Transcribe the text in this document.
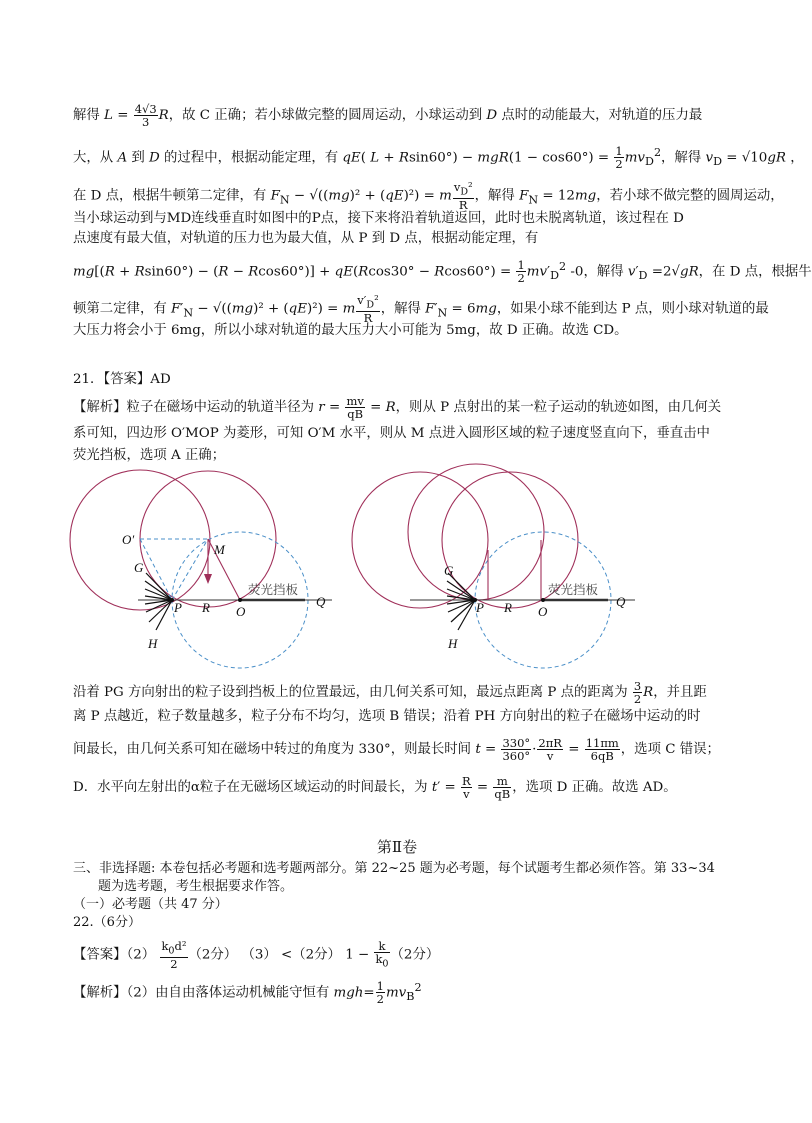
解得 $L = \frac{4√3}{3}$ R，故 C 正确；若小球做完整的圆周运动，小球运动到 D 点时的动能最大，对轨道的压力最
大，从 A 到 D 的过程中，根据动能定理，有 qE( $L + Rsin60^\circ) - mgR(1 - \cos 60^\circ) = \frac{1}{2} mv_D^2$，解得 $v_D = √10gR$ ，
在 D 点，根据牛顿第二定律，有 $F_N - √((mg)^2 + (qE)^2) = m \frac{v_D^2}{R}$ ，解得 $F_N = 12mg$，若小球不做完整的圆周运动，
当小球运动到与MD连线垂直时如图中的P点，接下来将沿着轨道返回，此时也未脱离轨道，该过程在 D
点速度有最大值，对轨道的压力也为最大值，从 P 到 D 点，根据动能定理，有
$mg[(R + Rsin60^\circ) - (R - Rcos60^\circ)] + qE(Rcos30^\circ - Rcos60^\circ) = \frac{1}{2} mv'_D^2$ -0，解得 $v'_D =2√gR$，在 D 点，根据牛
顿第二定律，有 $F'_N - √((mg)^2 + (qE)^2) = m \frac{v'_D^2}{R}$ ，解得 $F'_N = 6mg$，如果小球不能到达 P 点，则小球对轨道的最
大压力将会小于 6mg，所以小球对轨道的最大压力大小可能为 5mg，故 D 正确。故选 CD。
21．【答案】AD
【解析】粒子在磁场中运动的轨道半径为 $r = \frac{mv}{qB} = R$，则从 P 点射出的某一粒子运动的轨迹如图，由几何关
系可知，四边形 O′MOP 为菱形，可知 O′M 水平，则从 M 点进入圆形区域的粒子速度竖直向下，垂直击中
荧光挡板，选项 A 正确；
O′
M
G
P R O
Q
H
荧光挡板
G
P R O
Q
H
荧光挡板
沿着 PG 方向射出的粒子设到挡板上的位置最远，由几何关系可知，最远点距离 P 点的距离为 $\frac{3}{2}$ R，并且距
离 P 点越近，粒子数量越多，粒子分布不均匀，选项 B 错误；沿着 PH 方向射出的粒子在磁场中运动的时
间最长，由几何关系可知在磁场中转过的角度为 330°，则最长时间 $t = \frac{330^\circ}{360^\circ} \cdot \frac{2\pi R}{v} = \frac{11\pi m}{6qB}$ ，选项 C 错误；
D．水平向左射出的α粒子在无磁场区域运动的时间最长，为 $t' = \frac{R}{v} = \frac{m}{qB}$ ，选项 D 正确。故选 AD。
第Ⅱ卷
三、非选择题: 本卷包括必考题和选考题两部分。第 22~25 题为必考题，每个试题考生都必须作答。第 33~34
题为选考题，考生根据要求作答。
（一）必考题（共 47 分）
22.（6分）
【答案】$(2) \frac{k_0d^2}{2} (2$分） （3） <（2分） $1 - \frac{k}{k_0} (2$分）
【解析】（2）由自由落体运动机械能守恒有 $mgh= \frac{1}{2} mv_B^2$
